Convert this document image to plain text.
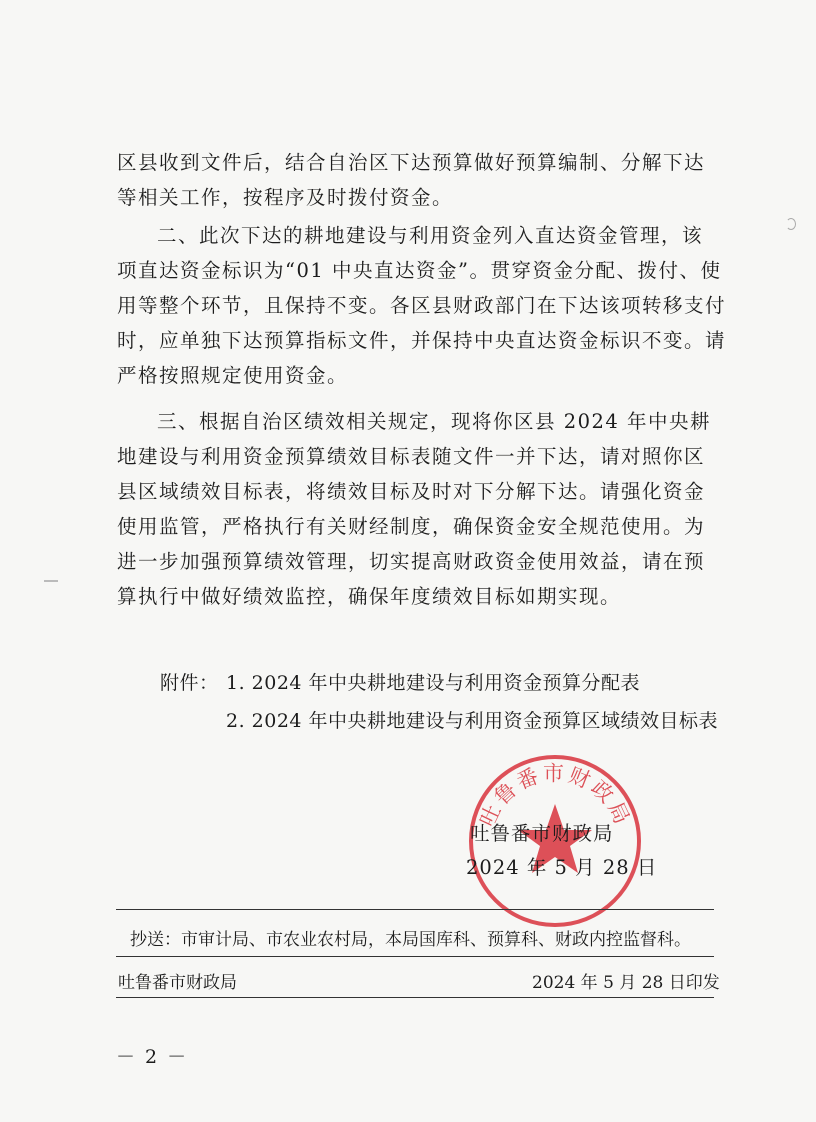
区县收到文件后，结合自治区下达预算做好预算编制、分解下达
等相关工作，按程序及时拨付资金。
二、此次下达的耕地建设与利用资金列入直达资金管理，该
项直达资金标识为“01 中央直达资金”。贯穿资金分配、拨付、使
用等整个环节，且保持不变。各区县财政部门在下达该项转移支付
时，应单独下达预算指标文件，并保持中央直达资金标识不变。请
严格按照规定使用资金。
三、根据自治区绩效相关规定，现将你区县 2024 年中央耕
地建设与利用资金预算绩效目标表随文件一并下达，请对照你区
县区域绩效目标表，将绩效目标及时对下分解下达。请强化资金
使用监管，严格执行有关财经制度，确保资金安全规范使用。为
进一步加强预算绩效管理，切实提高财政资金使用效益，请在预
算执行中做好绩效监控，确保年度绩效目标如期实现。
附件： 1. 2024 年中央耕地建设与利用资金预算分配表
2. 2024 年中央耕地建设与利用资金预算区域绩效目标表
吐鲁番市财政局
吐鲁番市财政局
2024 年 5 月 28 日
抄送：市审计局、市农业农村局，本局国库科、预算科、财政内控监督科。
吐鲁番市财政局	2024 年 5 月 28 日印发
－ 2 －
